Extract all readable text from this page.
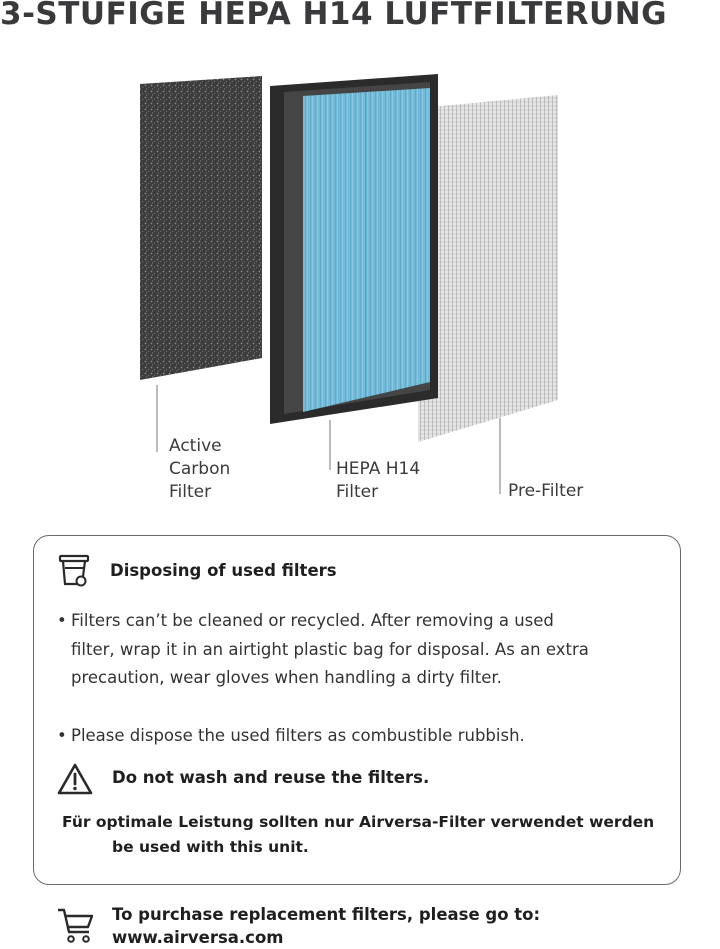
3-STUFIGE HEPA H14 LUFTFILTERUNG
Active
Carbon
Filter
HEPA H14
Filter	Pre-Filter
Disposing of used filters
• Filters can’t be cleaned or recycled. After removing a used
filter, wrap it in an airtight plastic bag for disposal. As an extra
precaution, wear gloves when handling a dirty filter.
• Please dispose the used filters as combustible rubbish.
Do not wash and reuse the filters.
Für optimale Leistung sollten nur Airversa-Filter verwendet werden
be used with this unit.
To purchase replacement filters, please go to:
www.airversa.com
